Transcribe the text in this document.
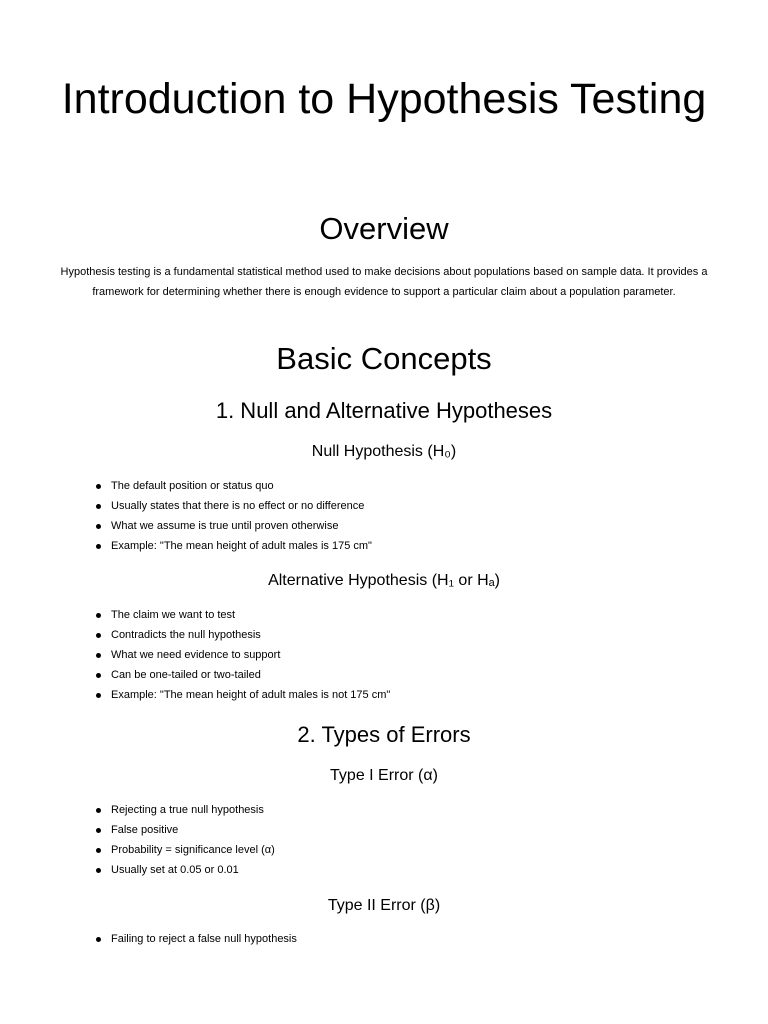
Introduction to Hypothesis Testing
Overview

Hypothesis testing is a fundamental statistical method used to make decisions about populations based on sample data. It provides a framework for determining whether there is enough evidence to support a particular claim about a population parameter.

Basic Concepts
1. Null and Alternative Hypotheses
Null Hypothesis (H₀)
The default position or status quo
Usually states that there is no effect or no difference
What we assume is true until proven otherwise
Example: "The mean height of adult males is 175 cm"
Alternative Hypothesis (H₁ or Hₐ)
The claim we want to test
Contradicts the null hypothesis
What we need evidence to support
Can be one-tailed or two-tailed
Example: "The mean height of adult males is not 175 cm"
2. Types of Errors
Type I Error (α)
Rejecting a true null hypothesis
False positive
Probability = significance level (α)
Usually set at 0.05 or 0.01
Type II Error (β)
Failing to reject a false null hypothesis
